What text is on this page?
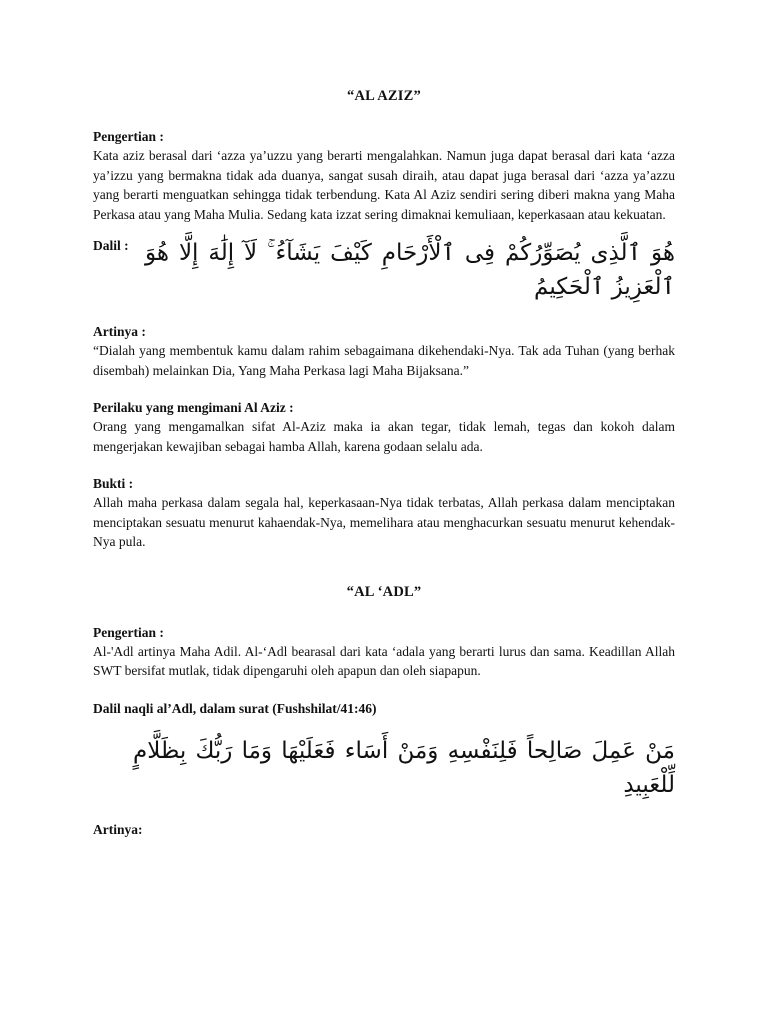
“AL AZIZ”

Pengertian :

Kata aziz berasal dari ‘azza ya’uzzu yang berarti mengalahkan. Namun juga dapat berasal dari kata ‘azza ya’izzu yang bermakna tidak ada duanya, sangat susah diraih, atau dapat juga berasal dari ‘azza ya’azzu yang berarti menguatkan sehingga tidak terbendung. Kata Al Aziz sendiri sering diberi makna yang Maha Perkasa atau yang Maha Mulia. Sedang kata izzat sering dimaknai kemuliaan, keperkasaan atau kekuatan.

Dalil : هُوَ ٱلَّذِى يُصَوِّرُكُمْ فِى ٱلْأَرْحَامِ كَيْفَ يَشَآءُ ۚ لَآ إِلَٰهَ إِلَّا هُوَ ٱلْعَزِيزُ ٱلْحَكِيمُ

Artinya :

“Dialah yang membentuk kamu dalam rahim sebagaimana dikehendaki-Nya. Tak ada Tuhan (yang berhak disembah) melainkan Dia, Yang Maha Perkasa lagi Maha Bijaksana.”

Perilaku yang mengimani Al Aziz :

Orang yang mengamalkan sifat Al-Aziz maka ia akan tegar, tidak lemah, tegas dan kokoh dalam mengerjakan kewajiban sebagai hamba Allah, karena godaan selalu ada.

Bukti :

Allah maha perkasa dalam segala hal, keperkasaan-Nya tidak terbatas, Allah perkasa dalam menciptakan menciptakan sesuatu menurut kahaendak-Nya, memelihara atau menghacurkan sesuatu menurut kehendak-Nya pula.

“AL ‘ADL”

Pengertian :

Al-'Adl artinya Maha Adil. Al-‘Adl bearasal dari kata ‘adala yang berarti lurus dan sama. Keadillan Allah SWT bersifat mutlak, tidak dipengaruhi oleh apapun dan oleh siapapun.

Dalil naqli al’Adl, dalam surat (Fushshilat/41:46)

مَنْ عَمِلَ صَالِحاً فَلِنَفْسِهِ وَمَنْ أَسَاء فَعَلَيْهَا وَمَا رَبُّكَ بِظَلَّامٍ لِّلْعَبِيدِ

Artinya:
